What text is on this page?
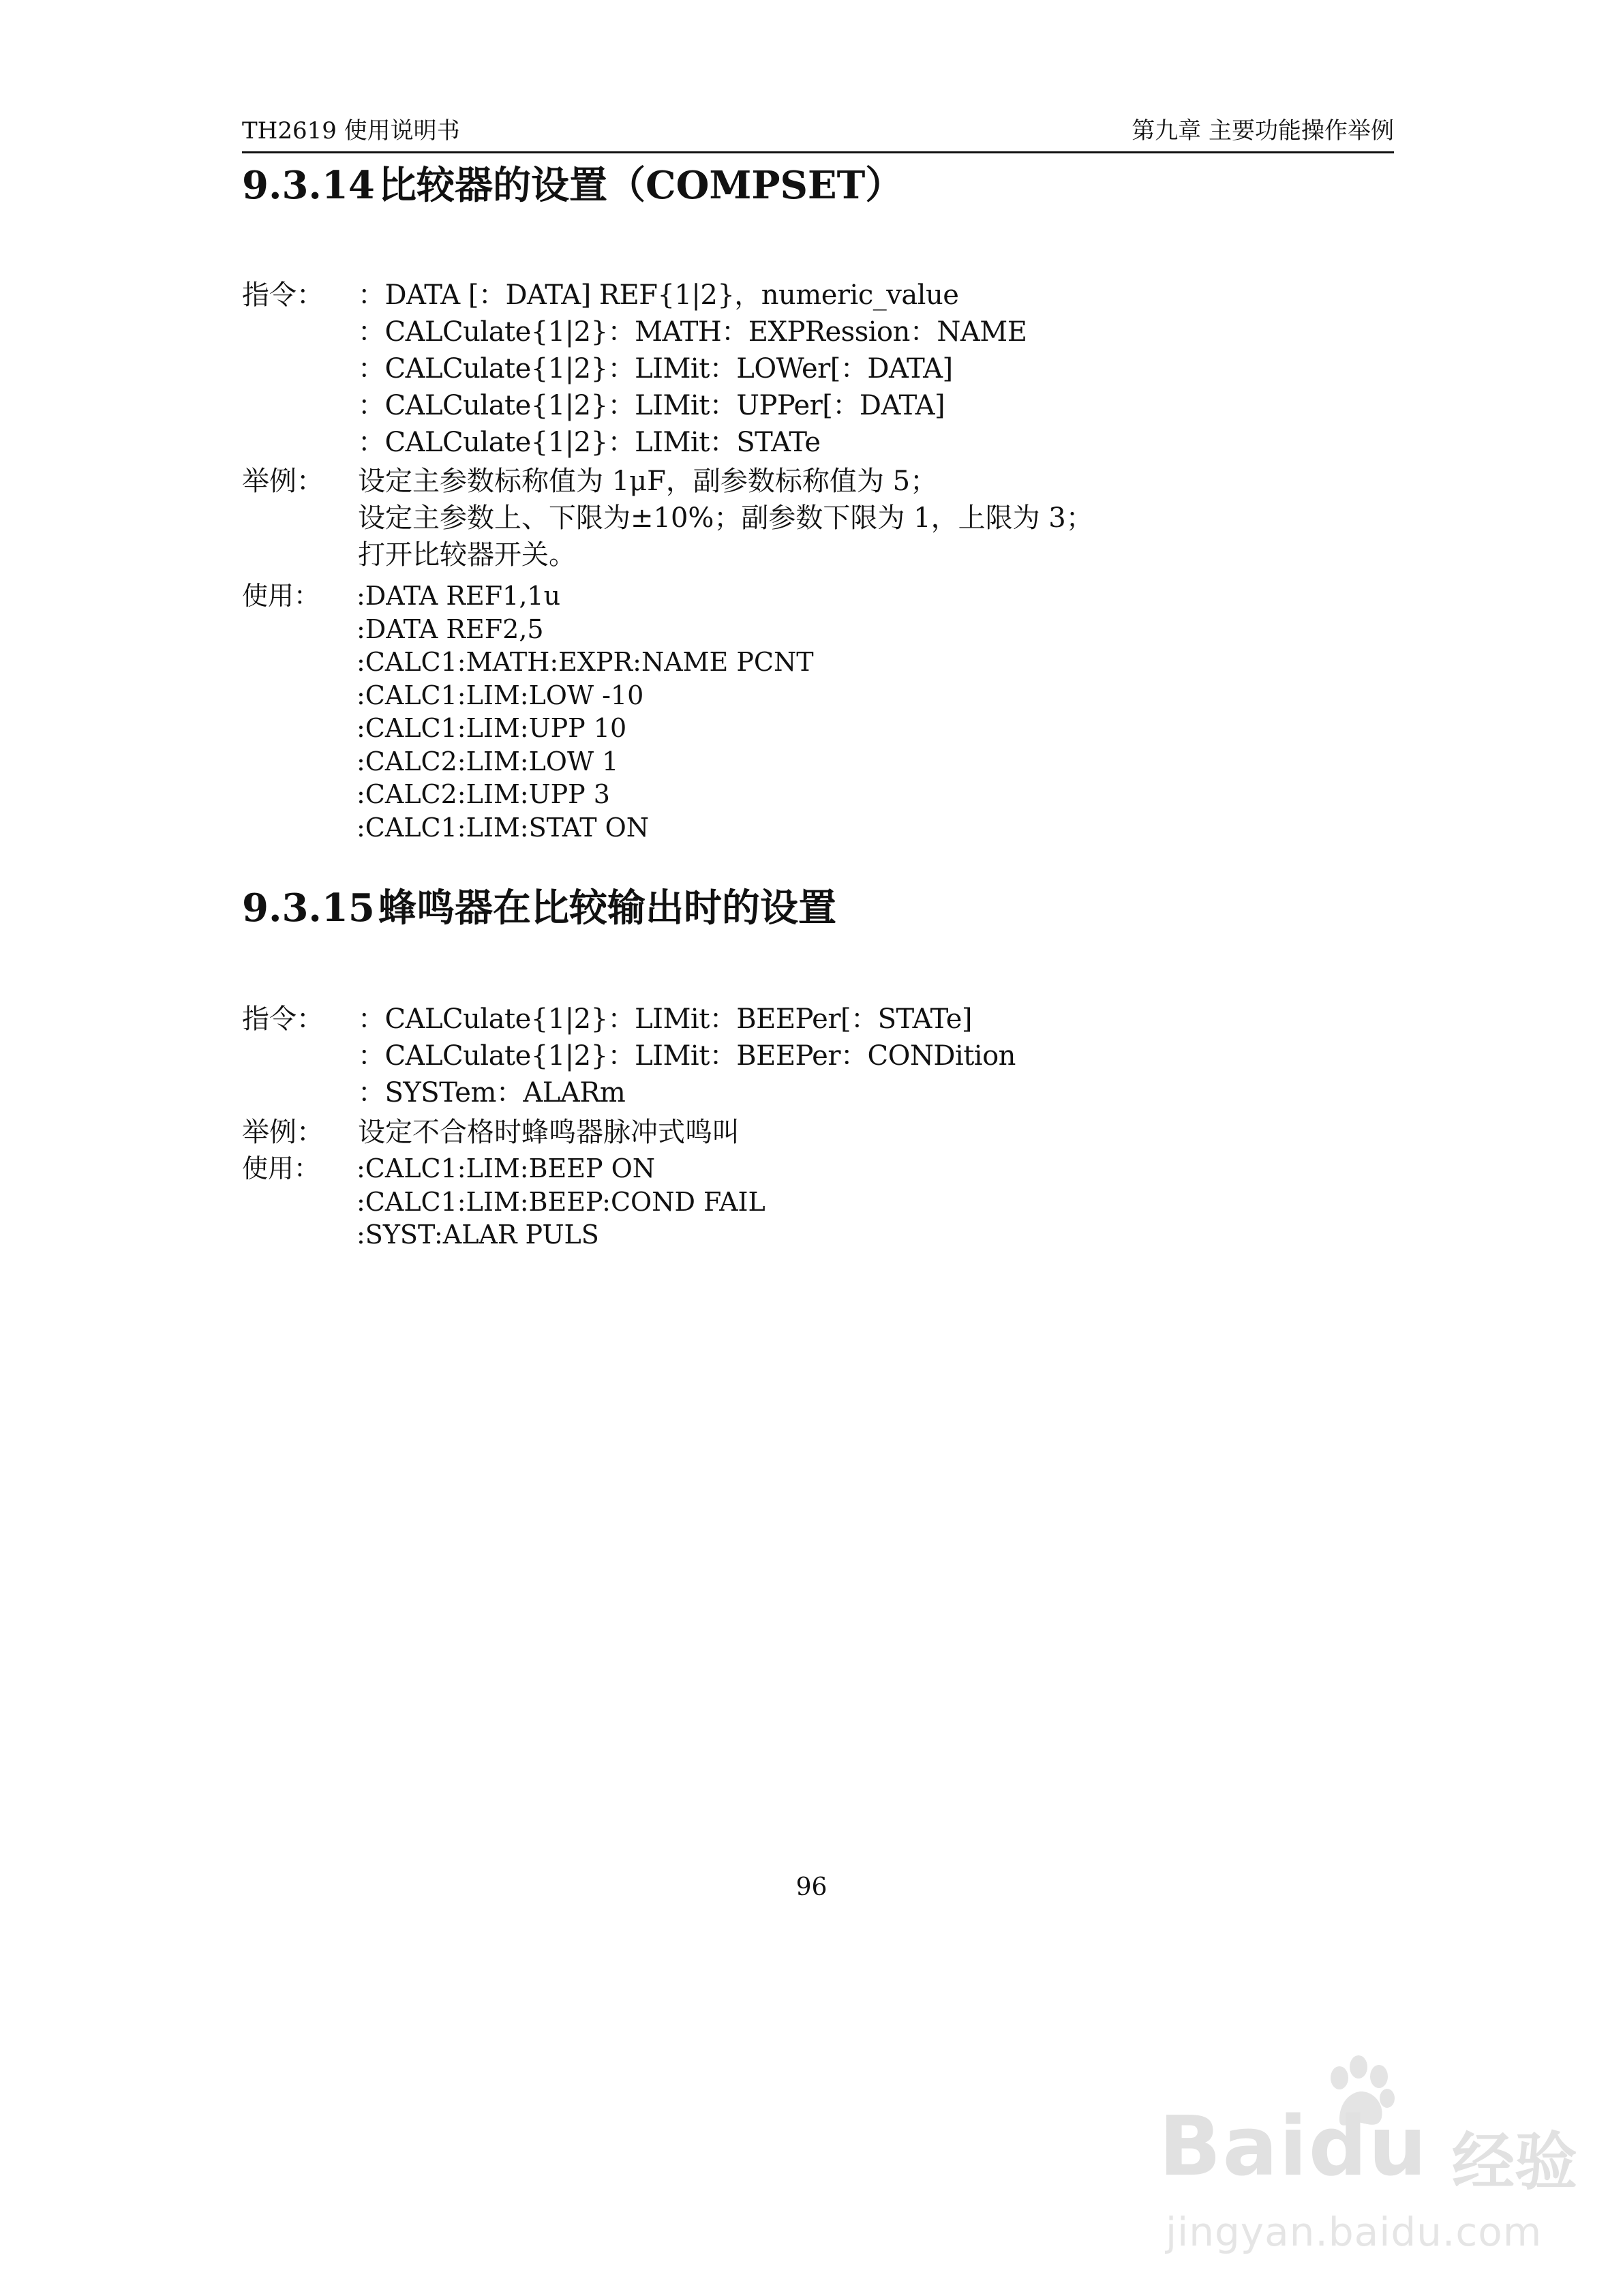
TH2619 使用说明书	第九章 主要功能操作举例
9.3.14比较器的设置（COMPSET）
指令： ：DATA [：DATA] REF{1|2}，numeric_value
：CALCulate{1|2}：MATH：EXPRession：NAME
：CALCulate{1|2}：LIMit：LOWer[：DATA]
：CALCulate{1|2}：LIMit：UPPer[：DATA]
：CALCulate{1|2}：LIMit：STATe
举例： 设定主参数标称值为 1μF，副参数标称值为 5；
设定主参数上、下限为±10%；副参数下限为 1，上限为 3；
打开比较器开关。
使用： :DATA REF1,1u
:DATA REF2,5
:CALC1:MATH:EXPR:NAME PCNT
:CALC1:LIM:LOW -10
:CALC1:LIM:UPP 10
:CALC2:LIM:LOW 1
:CALC2:LIM:UPP 3
:CALC1:LIM:STAT ON
9.3.15蜂鸣器在比较输出时的设置
指令： ：CALCulate{1|2}：LIMit：BEEPer[：STATe]
：CALCulate{1|2}：LIMit：BEEPer：CONDition
：SYSTem：ALARm
举例： 设定不合格时蜂鸣器脉冲式鸣叫
使用： :CALC1:LIM:BEEP ON
:CALC1:LIM:BEEP:COND FAIL
:SYST:ALAR PULS
96
Baidu 经验
jingyan.baidu.com
